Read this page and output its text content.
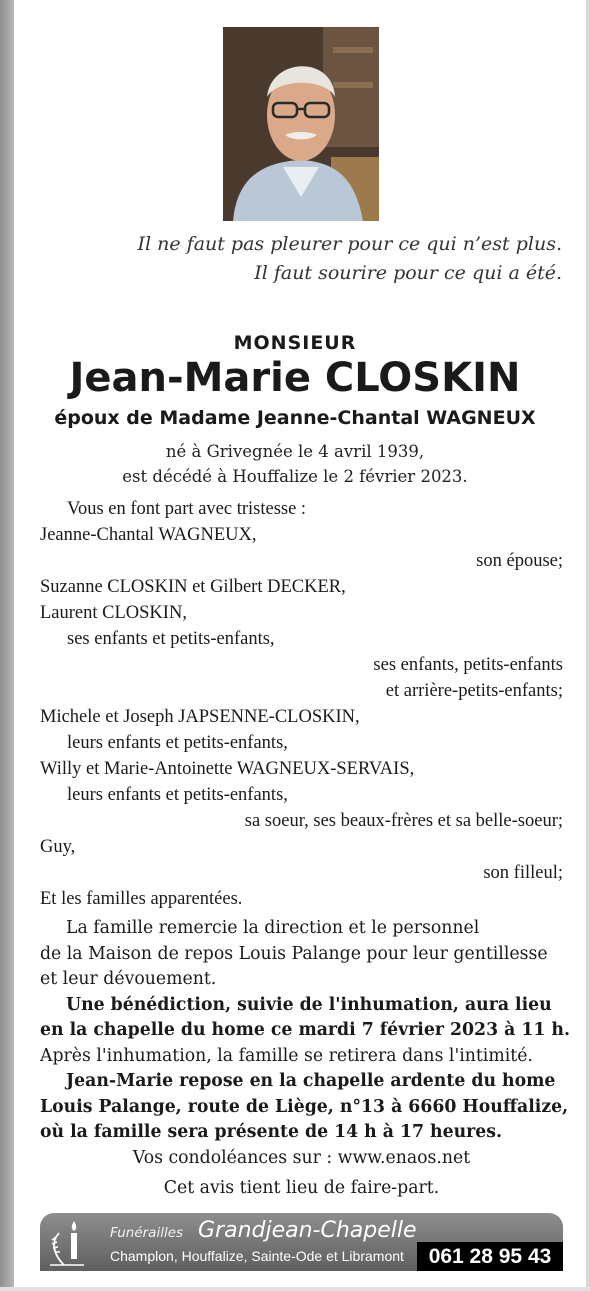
Il ne faut pas pleurer pour ce qui n’est plus.
Il faut sourire pour ce qui a été.
MONSIEUR
Jean-Marie CLOSKIN
époux de Madame Jeanne-Chantal WAGNEUX
né à Grivegnée le 4 avril 1939,
est décédé à Houffalize le 2 février 2023.
Vous en font part avec tristesse :
Jeanne-Chantal WAGNEUX,
son épouse;
Suzanne CLOSKIN et Gilbert DECKER,
Laurent CLOSKIN,
ses enfants et petits-enfants,
ses enfants, petits-enfants
et arrière-petits-enfants;
Michele et Joseph JAPSENNE-CLOSKIN,
leurs enfants et petits-enfants,
Willy et Marie-Antoinette WAGNEUX-SERVAIS,
leurs enfants et petits-enfants,
sa soeur, ses beaux-frères et sa belle-soeur;
Guy,
son filleul;
Et les familles apparentées.
La famille remercie la direction et le personnel
de la Maison de repos Louis Palange pour leur gentillesse
et leur dévouement.
Une bénédiction, suivie de l'inhumation, aura lieu
en la chapelle du home ce mardi 7 février 2023 à 11 h.
Après l'inhumation, la famille se retirera dans l'intimité.
Jean-Marie repose en la chapelle ardente du home
Louis Palange, route de Liège, n°13 à 6660 Houffalize,
où la famille sera présente de 14 h à 17 heures.
Vos condoléances sur : www.enaos.net
Cet avis tient lieu de faire-part.
Funérailles Grandjean-Chapelle
Champlon, Houffalize, Sainte-Ode et Libramont	061 28 95 43
